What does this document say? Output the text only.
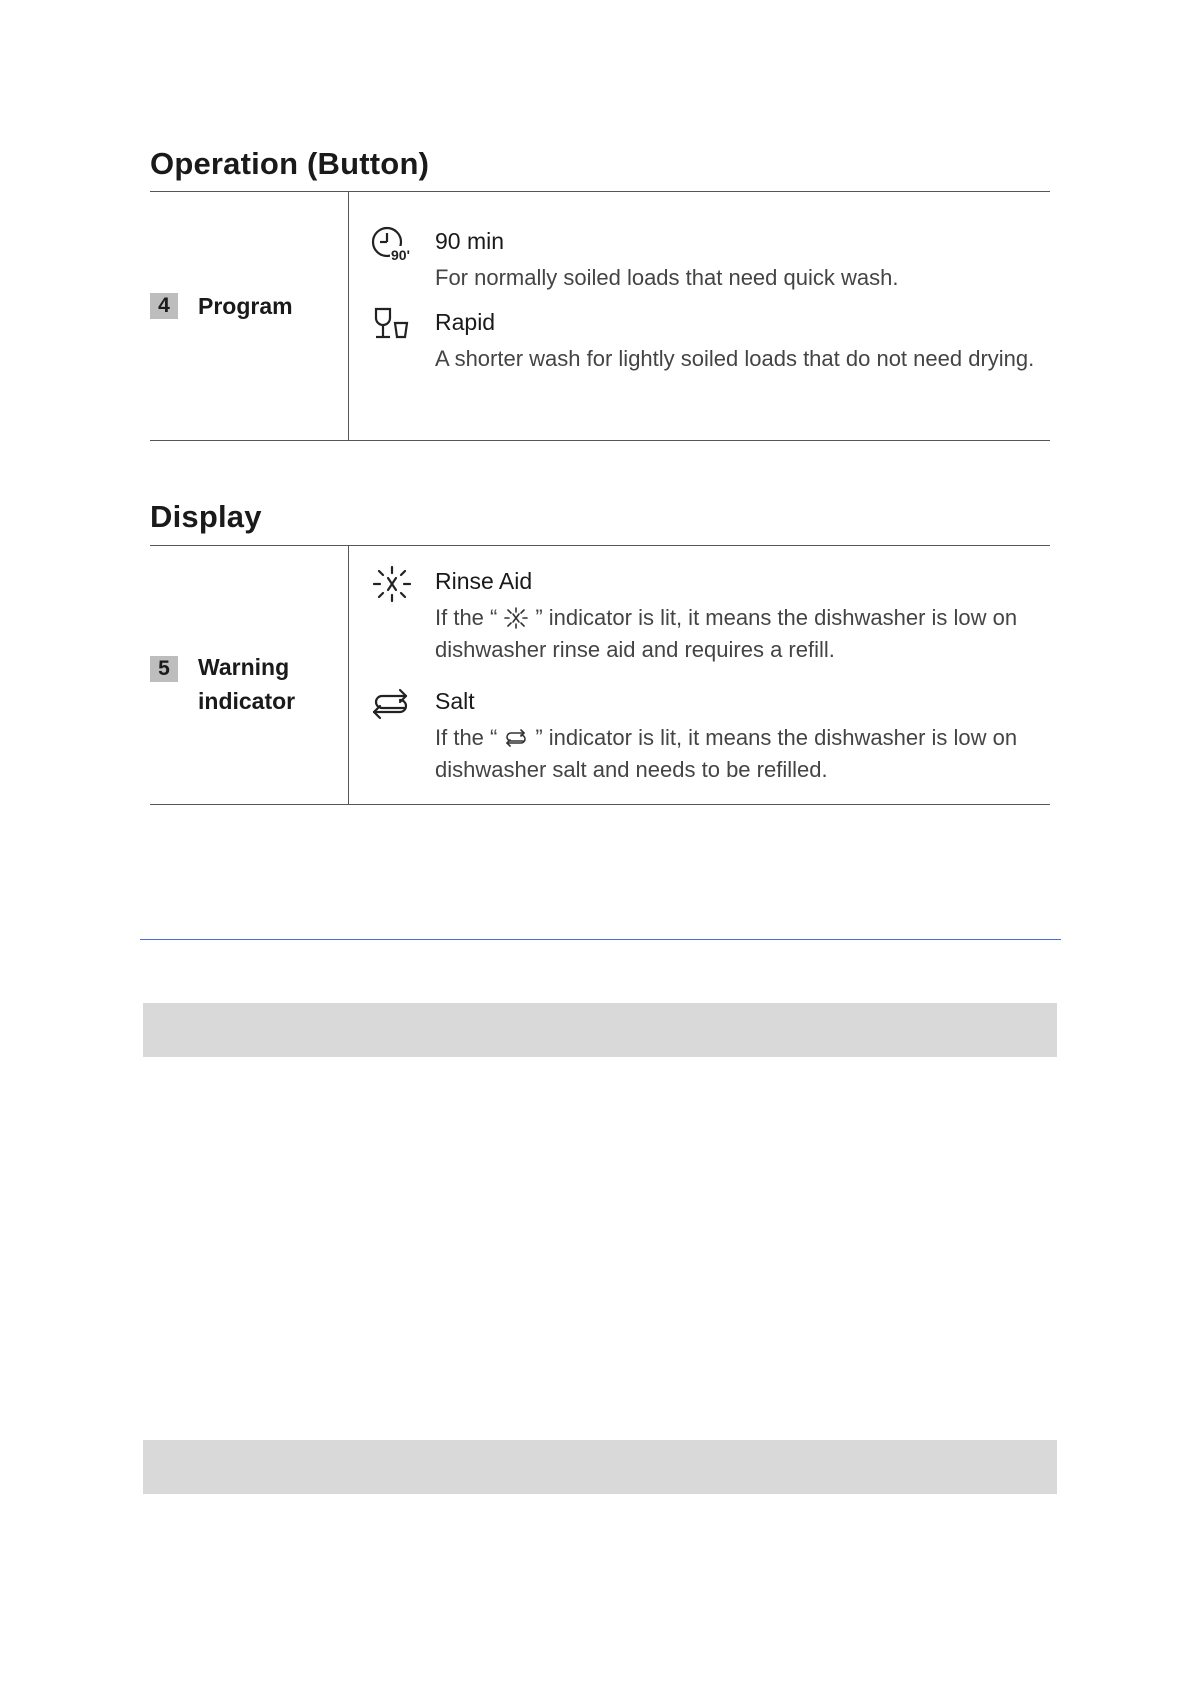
Operation (Button)
4	Program
90'
90 min
For normally soiled loads that need quick wash.
Rapid
A shorter wash for lightly soiled loads that do not need drying.
Display
5	Warning indicator
Rinse Aid
If the “ ” indicator is lit, it means the dishwasher is low on dishwasher rinse aid and requires a refill.
Salt
If the “ ” indicator is lit, it means the dishwasher is low on dishwasher salt and needs to be refilled.
